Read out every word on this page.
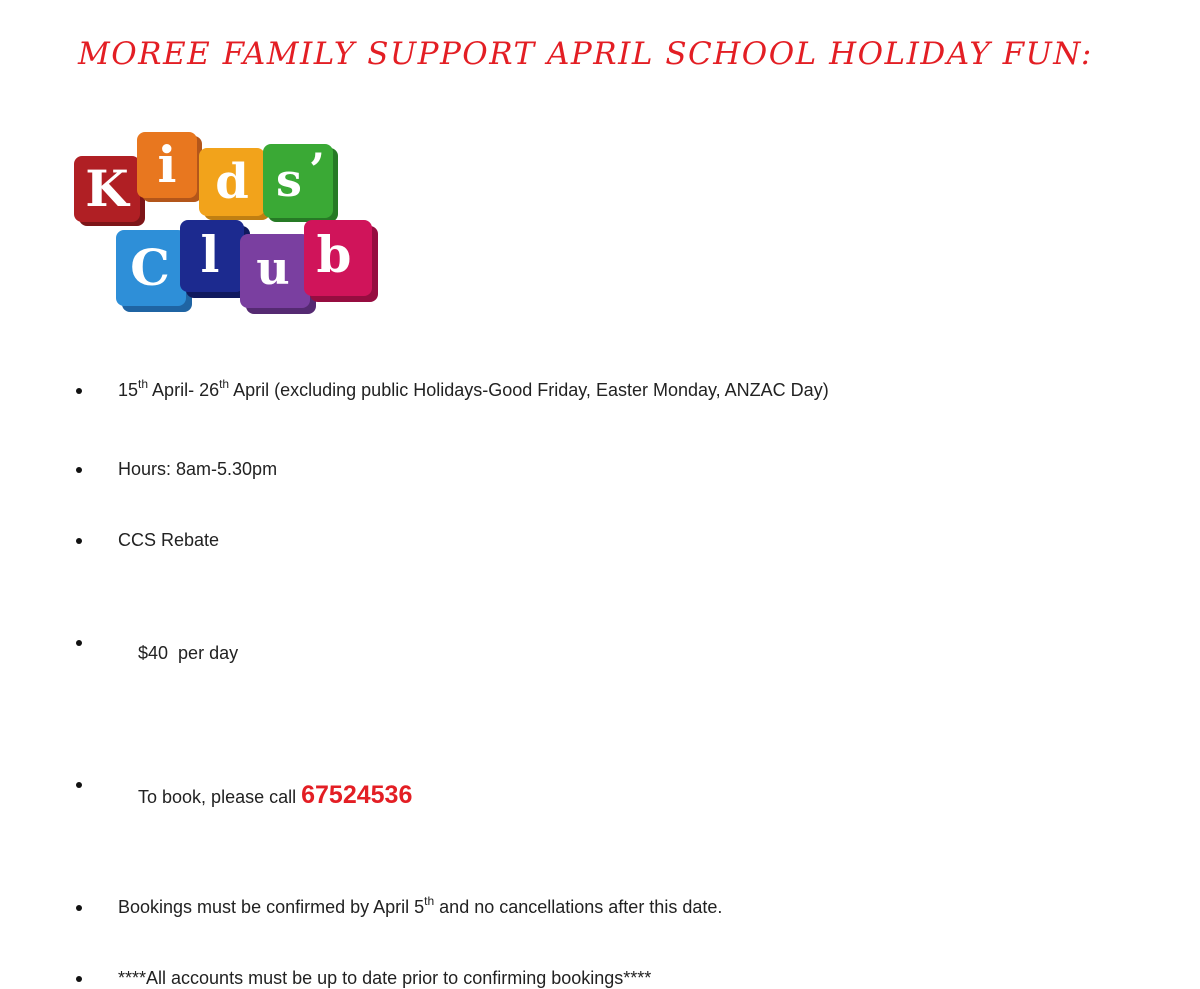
MOREE FAMILY SUPPORT APRIL SCHOOL HOLIDAY FUN:
K i d s ’
C l u b
15th April- 26th April (excluding public Holidays-Good Friday, Easter Monday, ANZAC Day)
Hours: 8am-5.30pm
CCS Rebate

$40  per day

To book, please call 67524536

Bookings must be confirmed by April 5th and no cancellations after this date.
****All accounts must be up to date prior to confirming bookings****
